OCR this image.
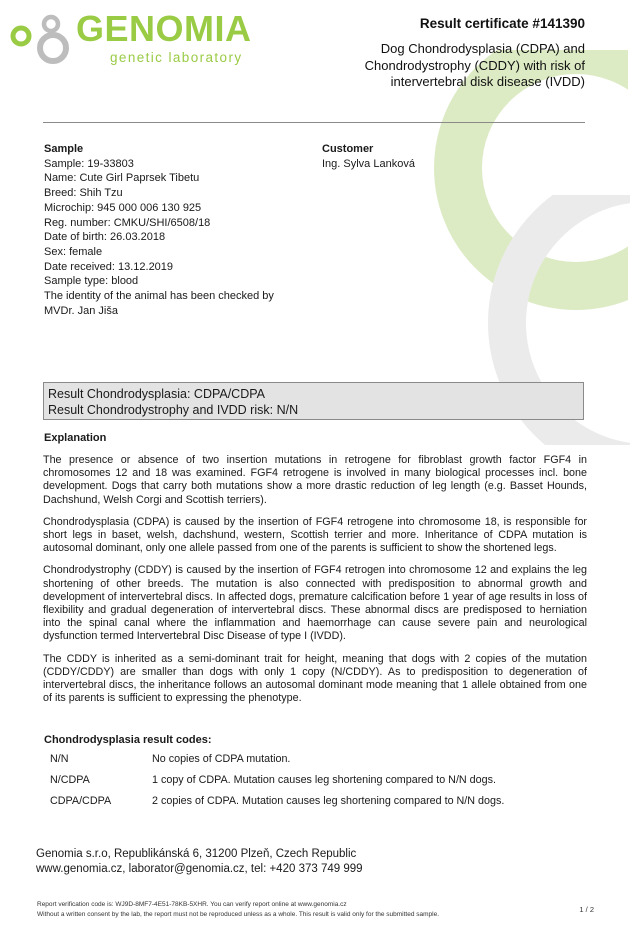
GENOMIA
genetic laboratory
Result certificate #141390
Dog Chondrodysplasia (CDPA) and Chondrodystrophy (CDDY) with risk of intervertebral disk disease (IVDD)
Sample
Sample: 19-33803
Name: Cute Girl Paprsek Tibetu
Breed: Shih Tzu
Microchip: 945 000 006 130 925
Reg. number: CMKU/SHI/6508/18
Date of birth: 26.03.2018
Sex: female
Date received: 13.12.2019
Sample type: blood
The identity of the animal has been checked by
MVDr. Jan Jiša
Customer
Ing. Sylva Lanková
Result Chondrodysplasia: CDPA/CDPA
Result Chondrodystrophy and IVDD risk: N/N
Explanation

The presence or absence of two insertion mutations in retrogene for fibroblast growth factor FGF4 in chromosomes 12 and 18 was examined. FGF4 retrogene is involved in many biological processes incl. bone development. Dogs that carry both mutations show a more drastic reduction of leg length (e.g. Basset Hounds, Dachshund, Welsh Corgi and Scottish terriers).

Chondrodysplasia (CDPA) is caused by the insertion of FGF4 retrogene into chromosome 18, is responsible for short legs in baset, welsh, dachshund, western, Scottish terrier and more. Inheritance of CDPA mutation is autosomal dominant, only one allele passed from one of the parents is sufficient to show the shortened legs.

Chondrodystrophy (CDDY) is caused by the insertion of FGF4 retrogen into chromosome 12 and explains the leg shortening of other breeds. The mutation is also connected with predisposition to abnormal growth and development of intervertebral discs. In affected dogs, premature calcification before 1 year of age results in loss of flexibility and gradual degeneration of intervertebral discs. These abnormal discs are predisposed to herniation into the spinal canal where the inflammation and haemorrhage can cause severe pain and neurological dysfunction termed Intervertebral Disc Disease of type I (IVDD).

The CDDY is inherited as a semi-dominant trait for height, meaning that dogs with 2 copies of the mutation (CDDY/CDDY) are smaller than dogs with only 1 copy (N/CDDY). As to predisposition to degeneration of intervertebral discs, the inheritance follows an autosomal dominant mode meaning that 1 allele obtained from one of its parents is sufficient to expressing the phenotype.

Chondrodysplasia result codes:
N/N	No copies of CDPA mutation.
N/CDPA	1 copy of CDPA. Mutation causes leg shortening compared to N/N dogs.
CDPA/CDPA	2 copies of CDPA. Mutation causes leg shortening compared to N/N dogs.
Genomia s.r.o, Republikánská 6, 31200 Plzeň, Czech Republic
www.genomia.cz, laborator@genomia.cz, tel: +420 373 749 999
Report verification code is: WJ9D-8MF7-4E51-78KB-5XHR. You can verify report online at www.genomia.cz
Without a written consent by the lab, the report must not be reproduced unless as a whole. This result is valid only for the submitted sample.
1 / 2
